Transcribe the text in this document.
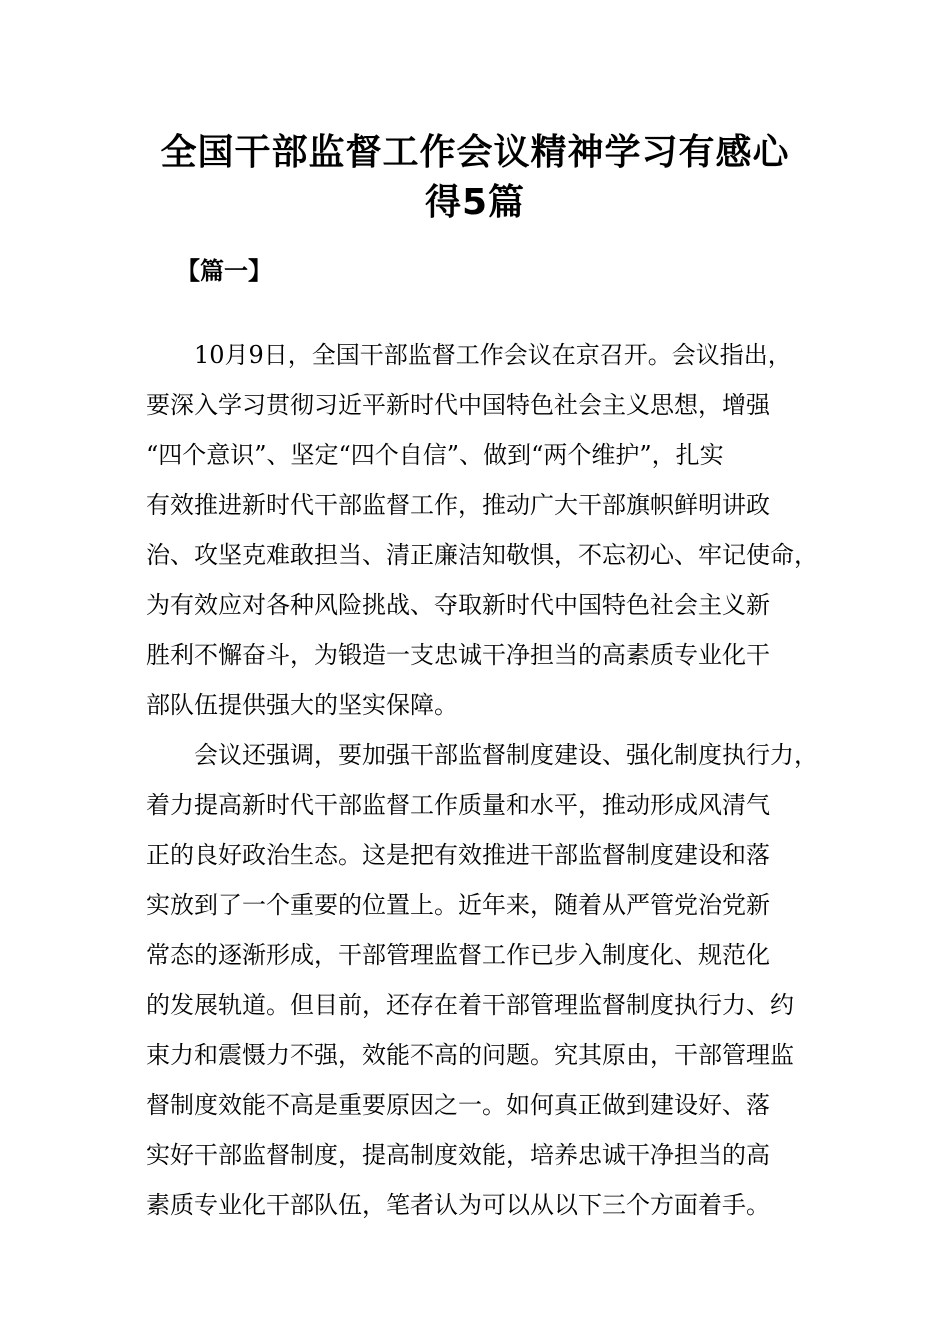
全国干部监督工作会议精神学习有感心
得5篇

【篇一】

10月9日，全国干部监督工作会议在京召开。会议指出，
要深入学习贯彻习近平新时代中国特色社会主义思想，增强
“四个意识”、坚定“四个自信”、做到“两个维护”，扎实
有效推进新时代干部监督工作，推动广大干部旗帜鲜明讲政
治、攻坚克难敢担当、清正廉洁知敬惧，不忘初心、牢记使命，
为有效应对各种风险挑战、夺取新时代中国特色社会主义新
胜利不懈奋斗，为锻造一支忠诚干净担当的高素质专业化干
部队伍提供强大的坚实保障。

会议还强调，要加强干部监督制度建设、强化制度执行力，
着力提高新时代干部监督工作质量和水平，推动形成风清气
正的良好政治生态。这是把有效推进干部监督制度建设和落
实放到了一个重要的位置上。近年来，随着从严管党治党新
常态的逐渐形成，干部管理监督工作已步入制度化、规范化
的发展轨道。但目前，还存在着干部管理监督制度执行力、约
束力和震慑力不强，效能不高的问题。究其原由，干部管理监
督制度效能不高是重要原因之一。如何真正做到建设好、落
实好干部监督制度，提高制度效能，培养忠诚干净担当的高
素质专业化干部队伍，笔者认为可以从以下三个方面着手。
